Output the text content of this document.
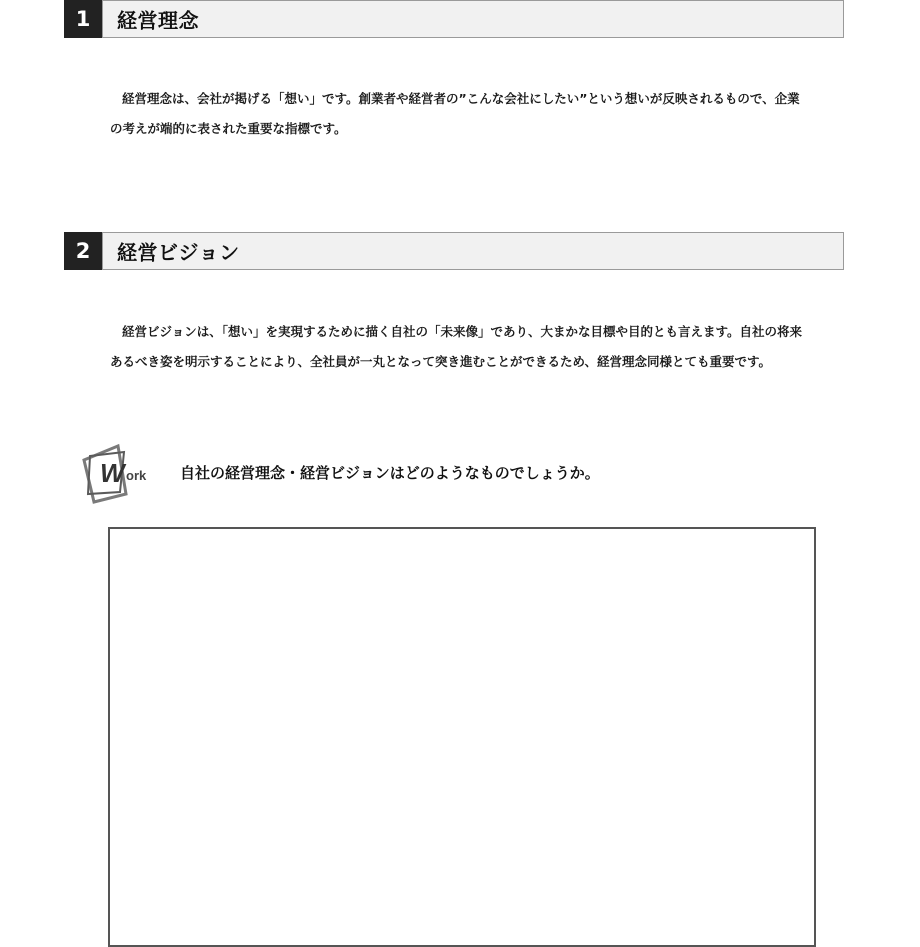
1	経営理念

経営理念は、会社が掲げる「想い」です。創業者や経営者の”こんな会社にしたい”という想いが反映されるもので、企業の考えが端的に表された重要な指標です。

2	経営ビジョン

経営ビジョンは、「想い」を実現するために描く自社の「未来像」であり、大まかな目標や目的とも言えます。自社の将来あるべき姿を明示することにより、全社員が一丸となって突き進むことができるため、経営理念同様とても重要です。

W ork 自社の経営理念・経営ビジョンはどのようなものでしょうか。
